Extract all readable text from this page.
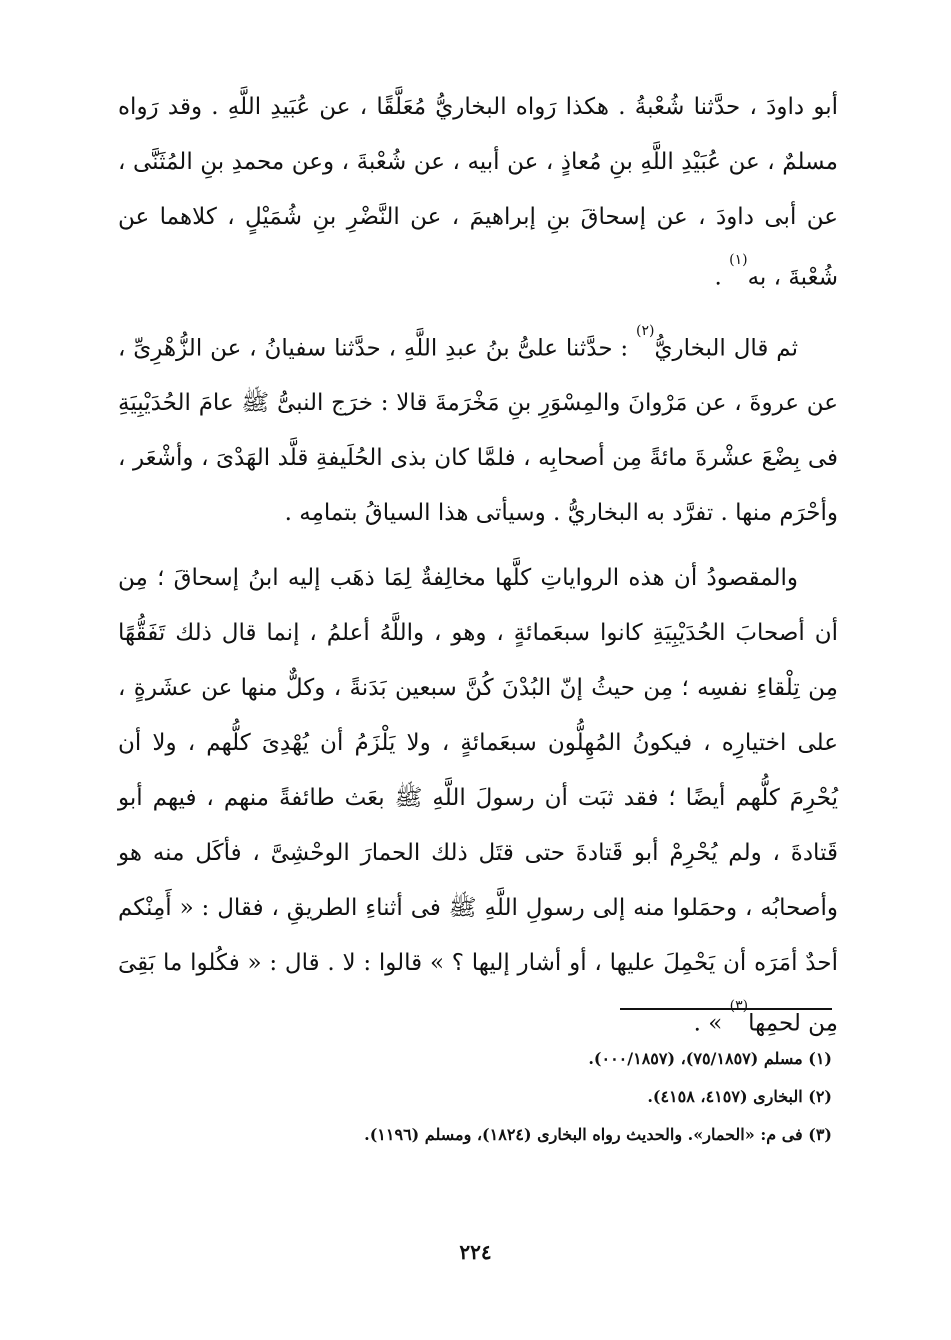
أبو داودَ ، حدَّثنا شُعْبةُ . هكذا رَواه البخاريُّ مُعَلَّقًا ، عن عُبَيدِ اللَّهِ . وقد رَواه مسلمٌ ، عن عُبَيْدِ اللَّهِ بنِ مُعاذٍ ، عن أبيه ، عن شُعْبةَ ، وعن محمدِ بنِ المُثَنَّى ، عن أبى داودَ ، عن إسحاقَ بنِ إبراهيمَ ، عن النَّضْرِ بنِ شُمَيْلٍ ، كلاهما عن شُعْبةَ ، به$^{(١)}$ .

ثم قال البخاريُّ$^{(٢)}$ : حدَّثنا علىُّ بنُ عبدِ اللَّهِ ، حدَّثنا سفيانُ ، عن الزُّهْرِىِّ ، عن عروةَ ، عن مَرْوانَ والمِسْوَرِ بنِ مَخْرَمةَ قالا : خرَج النبىُّ ﷺ عامَ الحُدَيْبِيَةِ فى بِضْعَ عشْرةَ مائةً مِن أصحابِه ، فلمَّا كان بذى الحُلَيفةِ قلَّد الهَدْىَ ، وأشْعَر ، وأحْرَم منها . تفرَّد به البخاريُّ . وسيأتى هذا السياقُ بتمامِه .

والمقصودُ أن هذه الرواياتِ كلَّها مخالِفةٌ لِمَا ذهَب إليه ابنُ إسحاقَ ؛ مِن أن أصحابَ الحُدَيْبِيَةِ كانوا سبعَمائةٍ ، وهو ، واللَّهُ أعلمُ ، إنما قال ذلك تَفَقُّهًا مِن تِلْقاءِ نفسِه ؛ مِن حيثُ إنّ البُدْنَ كُنَّ سبعين بَدَنةً ، وكلٌّ منها عن عشَرةٍ ، على اختيارِه ، فيكونُ المُهِلُّون سبعَمائةٍ ، ولا يَلْزَمُ أن يُهْدِىَ كلُّهم ، ولا أن يُحْرِمَ كلُّهم أيضًا ؛ فقد ثبَت أن رسولَ اللَّهِ ﷺ بعَث طائفةً منهم ، فيهم أبو قَتادةَ ، ولم يُحْرِمْ أبو قَتادةَ حتى قتَل ذلك الحمارَ الوحْشِىَّ ، فأكَل منه هو وأصحابُه ، وحمَلوا منه إلى رسولِ اللَّهِ ﷺ فى أثناءِ الطريقِ ، فقال : « أَمِنْكم أحدٌ أمَرَه أن يَحْمِلَ عليها ، أو أشار إليها ؟ » قالوا : لا . قال : « فكُلوا ما بَقِىَ مِن لحمِها$^{(٣)}$ » .

(١) مسلم (٧٥/١٨٥٧)، (٠٠٠/١٨٥٧).

(٢) البخارى (٤١٥٧، ٤١٥٨).

(٣) فى م: «الحمار». والحديث رواه البخارى (١٨٢٤)، ومسلم (١١٩٦).

٢٢٤
